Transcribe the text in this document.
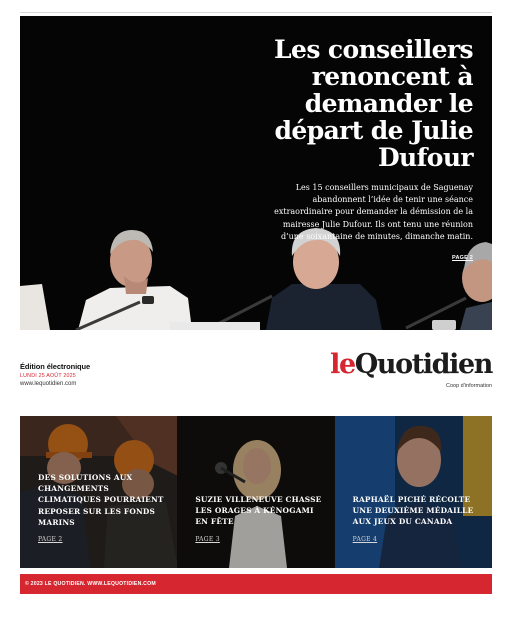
Les conseillers renoncent à demander le départ de Julie Dufour
Les 15 conseillers municipaux de Saguenay abandonnent l’idée de tenir une séance extraordinaire pour demander la démission de la mairesse Julie Dufour. Ils ont tenu une réunion d’une soixantaine de minutes, dimanche matin.
PAGE 2
Édition électronique
LUNDI 25 AOÛT 2025
www.lequotidien.com
leQuotidien
Coop d'information
DES SOLUTIONS AUX CHANGEMENTS CLIMATIQUES POURRAIENT REPOSER SUR LES FONDS MARINS
PAGE 2
SUZIE VILLENEUVE CHASSE LES ORAGES À KÉNOGAMI EN FÊTE
PAGE 3
RAPHAËL PICHÉ RÉCOLTE UNE DEUXIÈME MÉDAILLE AUX JEUX DU CANADA
PAGE 4
© 2023 LE QUOTIDIEN. WWW.LEQUOTIDIEN.COM
